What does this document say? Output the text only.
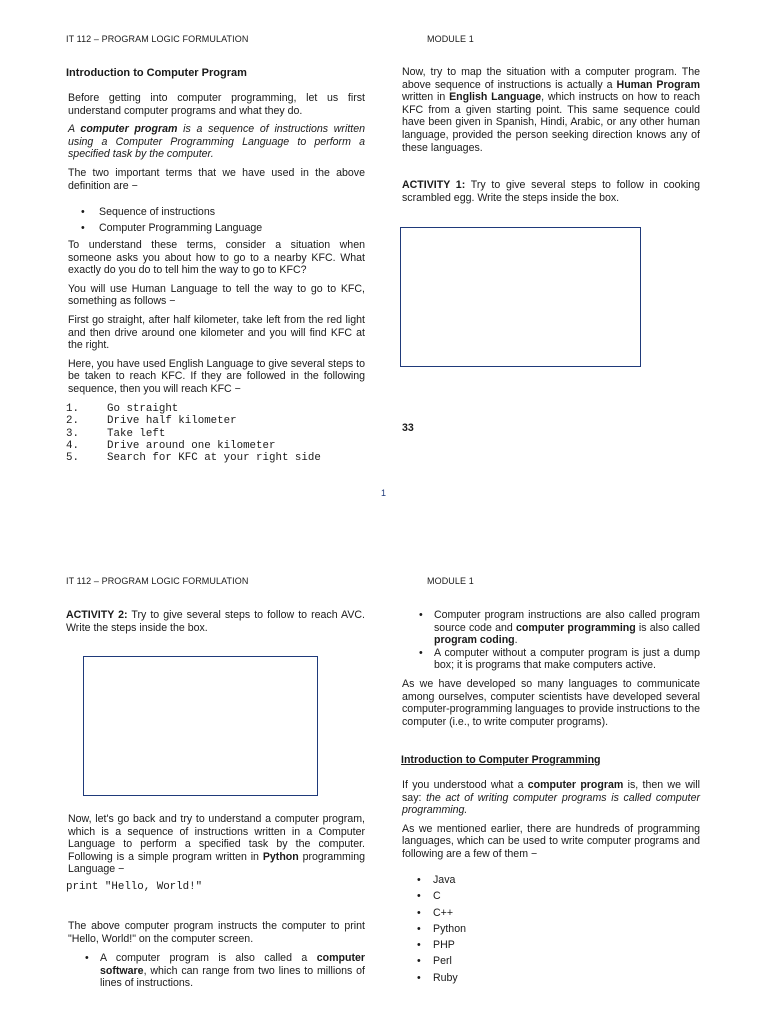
IT 112 – PROGRAM LOGIC FORMULATION	MODULE 1
Introduction to Computer Program

Before getting into computer programming, let us first understand computer programs and what they do.

A computer program is a sequence of instructions written using a Computer Programming Language to perform a specified task by the computer.

The two important terms that we have used in the above definition are −

• Sequence of instructions
• Computer Programming Language

To understand these terms, consider a situation when someone asks you about how to go to a nearby KFC. What exactly do you do to tell him the way to go to KFC?

You will use Human Language to tell the way to go to KFC, something as follows −

First go straight, after half kilometer, take left from the red light and then drive around one kilometer and you will find KFC at the right.

Here, you have used English Language to give several steps to be taken to reach KFC. If they are followed in the following sequence, then you will reach KFC −

1.	Go straight
2.	Drive half kilometer
3.	Take left
4.	Drive around one kilometer
5.	Search for KFC at your right side

Now, try to map the situation with a computer program. The above sequence of instructions is actually a Human Program written in English Language, which instructs on how to reach KFC from a given starting point. This same sequence could have been given in Spanish, Hindi, Arabic, or any other human language, provided the person seeking direction knows any of these languages.

ACTIVITY 1: Try to give several steps to follow in cooking scrambled egg. Write the steps inside the box.

33
1
IT 112 – PROGRAM LOGIC FORMULATION	MODULE 1

ACTIVITY 2: Try to give several steps to follow to reach AVC. Write the steps inside the box.

Now, let's go back and try to understand a computer program, which is a sequence of instructions written in a Computer Language to perform a specified task by the computer. Following is a simple program written in Python programming Language −

print "Hello, World!"

The above computer program instructs the computer to print "Hello, World!" on the computer screen.

• A computer program is also called a computer software, which can range from two lines to millions of lines of instructions.
• Computer program instructions are also called program source code and computer programming is also called program coding.
• A computer without a computer program is just a dump box; it is programs that make computers active.

As we have developed so many languages to communicate among ourselves, computer scientists have developed several computer-programming languages to provide instructions to the computer (i.e., to write computer programs).

Introduction to Computer Programming

If you understood what a computer program is, then we will say: the act of writing computer programs is called computer programming.

As we mentioned earlier, there are hundreds of programming languages, which can be used to write computer programs and following are a few of them −

• Java
• C
• C++
• Python
• PHP
• Perl
• Ruby
